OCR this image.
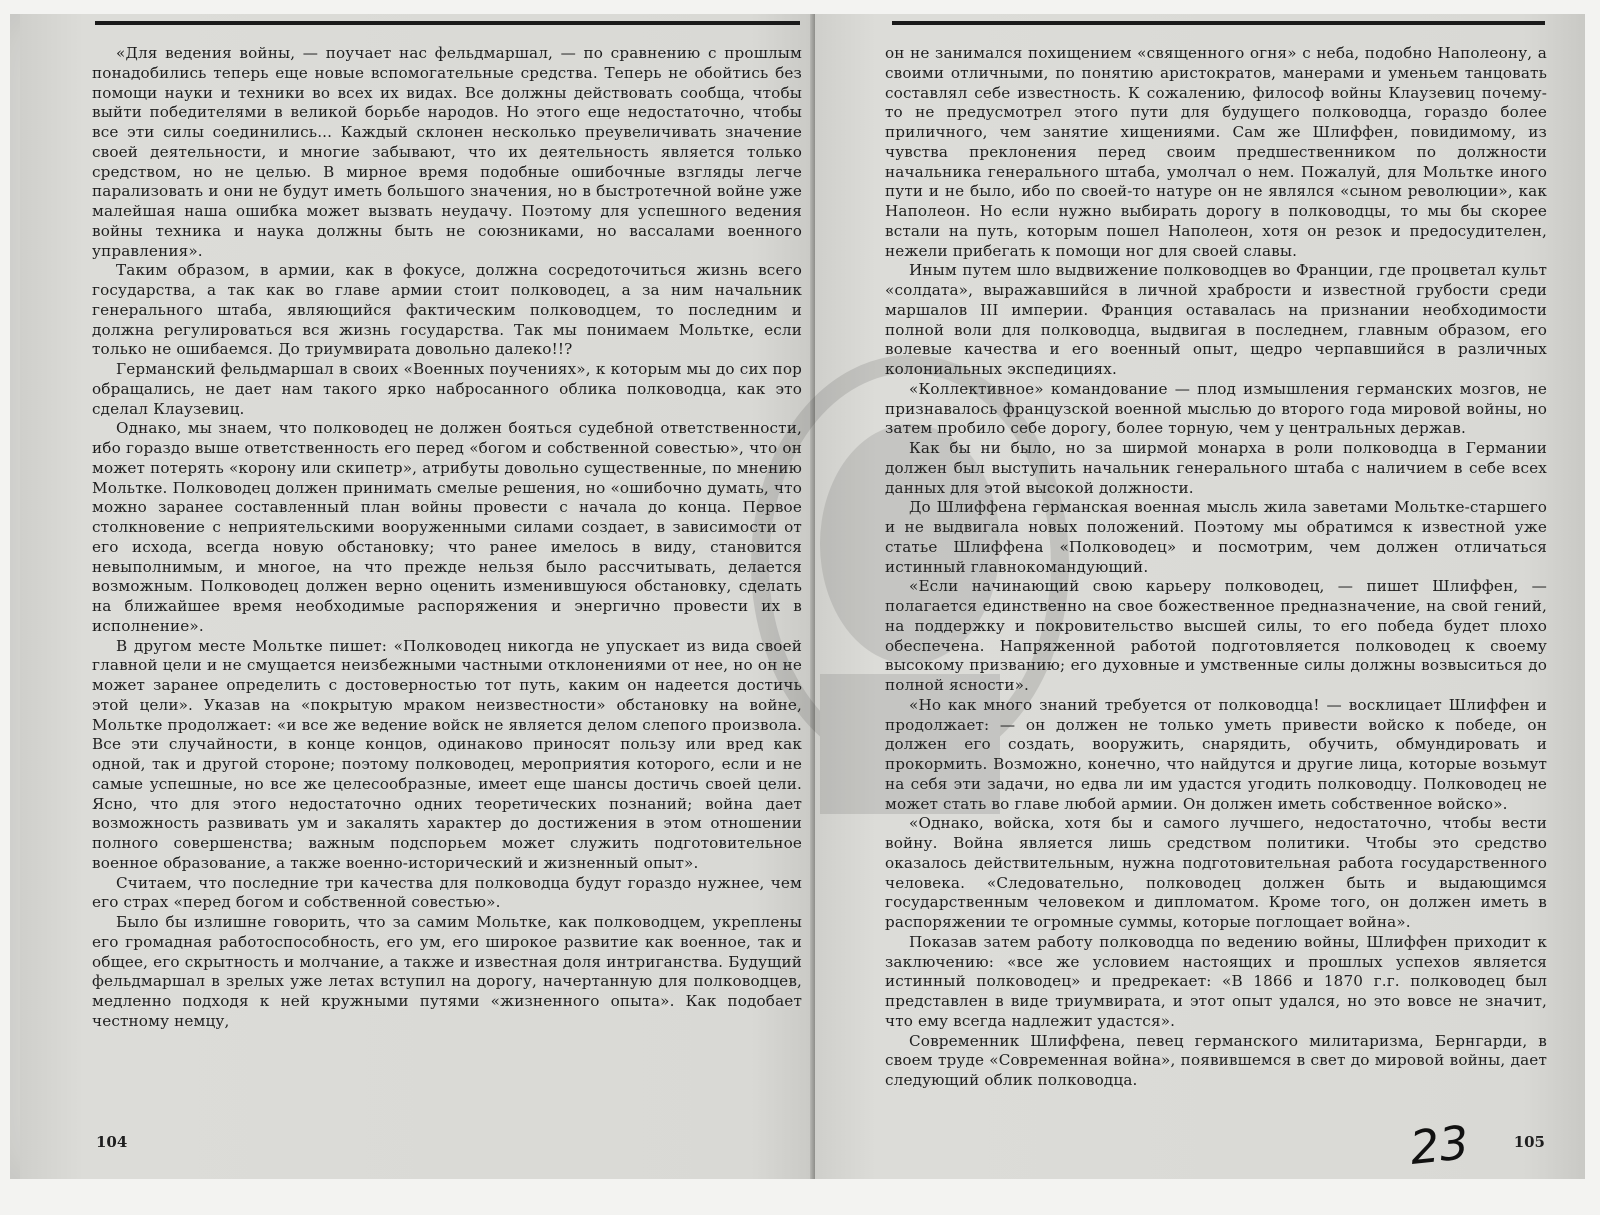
«Для ведения войны, — поучает нас фельдмаршал, — по сравнению с прошлым понадобились теперь еще новые вспомогательные средства. Теперь не обойтись без помощи науки и техники во всех их видах. Все должны действовать сообща, чтобы выйти победителями в великой борьбе народов. Но этого еще недостаточно, чтобы все эти силы соединились... Каждый склонен несколько преувеличивать значение своей деятельности, и многие забывают, что их деятельность является только средством, но не целью. В мирное время подобные ошибочные взгляды легче парализовать и они не будут иметь большого значения, но в быстротечной войне уже малейшая наша ошибка может вызвать неудачу. Поэтому для успешного ведения войны техника и наука должны быть не союзниками, но вассалами военного управления».

Таким образом, в армии, как в фокусе, должна сосредоточиться жизнь всего государства, а так как во главе армии стоит полководец, а за ним начальник генерального штаба, являющийся фактическим полководцем, то последним и должна регулироваться вся жизнь государства. Так мы понимаем Мольтке, если только не ошибаемся. До триумвирата довольно далеко!!?

Германский фельдмаршал в своих «Военных поучениях», к которым мы до сих пор обращались, не дает нам такого ярко набросанного облика полководца, как это сделал Клаузевиц.

Однако, мы знаем, что полководец не должен бояться судебной ответственности, ибо гораздо выше ответственность его перед «богом и собственной совестью», что он может потерять «корону или скипетр», атрибуты довольно существенные, по мнению Мольтке. Полководец должен принимать смелые решения, но «ошибочно думать, что можно заранее составленный план войны провести с начала до конца. Первое столкновение с неприятельскими вооруженными силами создает, в зависимости от его исхода, всегда новую обстановку; что ранее имелось в виду, становится невыполнимым, и многое, на что прежде нельзя было рассчитывать, делается возможным. Полководец должен верно оценить изменившуюся обстановку, сделать на ближайшее время необходимые распоряжения и энергично провести их в исполнение».

В другом месте Мольтке пишет: «Полководец никогда не упускает из вида своей главной цели и не смущается неизбежными частными отклонениями от нее, но он не может заранее определить с достоверностью тот путь, каким он надеется достичь этой цели». Указав на «покрытую мраком неизвестности» обстановку на войне, Мольтке продолжает: «и все же ведение войск не является делом слепого произвола. Все эти случайности, в конце концов, одинаково приносят пользу или вред как одной, так и другой стороне; поэтому полководец, мероприятия которого, если и не самые успешные, но все же целесообразные, имеет еще шансы достичь своей цели. Ясно, что для этого недостаточно одних теоретических познаний; война дает возможность развивать ум и закалять характер до достижения в этом отношении полного совершенства; важным подспорьем может служить подготовительное военное образование, а также военно-исторический и жизненный опыт».

Считаем, что последние три качества для полководца будут гораздо нужнее, чем его страх «перед богом и собственной совестью».

Было бы излишне говорить, что за самим Мольтке, как полководцем, укреплены его громадная работоспособность, его ум, его широкое развитие как военное, так и общее, его скрытность и молчание, а также и известная доля интриганства. Будущий фельдмаршал в зрелых уже летах вступил на дорогу, начертанную для полководцев, медленно подходя к ней кружными путями «жизненного опыта». Как подобает честному немцу,

104

он не занимался похищением «священного огня» с неба, подобно Наполеону, а своими отличными, по понятию аристократов, манерами и уменьем танцовать составлял себе известность. К сожалению, философ войны Клаузевиц почему-то не предусмотрел этого пути для будущего полководца, гораздо более приличного, чем занятие хищениями. Сам же Шлиффен, повидимому, из чувства преклонения перед своим предшественником по должности начальника генерального штаба, умолчал о нем. Пожалуй, для Мольтке иного пути и не было, ибо по своей-то натуре он не являлся «сыном революции», как Наполеон. Но если нужно выбирать дорогу в полководцы, то мы бы скорее встали на путь, которым пошел Наполеон, хотя он резок и предосудителен, нежели прибегать к помощи ног для своей славы.

Иным путем шло выдвижение полководцев во Франции, где процветал культ «солдата», выражавшийся в личной храбрости и известной грубости среди маршалов III империи. Франция оставалась на признании необходимости полной воли для полководца, выдвигая в последнем, главным образом, его волевые качества и его военный опыт, щедро черпавшийся в различных колониальных экспедициях.

«Коллективное» командование — плод измышления германских мозгов, не признавалось французской военной мыслью до второго года мировой войны, но затем пробило себе дорогу, более торную, чем у центральных держав.

Как бы ни было, но за ширмой монарха в роли полководца в Германии должен был выступить начальник генерального штаба с наличием в себе всех данных для этой высокой должности.

До Шлиффена германская военная мысль жила заветами Мольтке-старшего и не выдвигала новых положений. Поэтому мы обратимся к известной уже статье Шлиффена «Полководец» и посмотрим, чем должен отличаться истинный главнокомандующий.

«Если начинающий свою карьеру полководец, — пишет Шлиффен, — полагается единственно на свое божественное предназначение, на свой гений, на поддержку и покровительство высшей силы, то его победа будет плохо обеспечена. Напряженной работой подготовляется полководец к своему высокому призванию; его духовные и умственные силы должны возвыситься до полной ясности».

«Но как много знаний требуется от полководца! — восклицает Шлиффен и продолжает: — он должен не только уметь привести войско к победе, он должен его создать, вооружить, снарядить, обучить, обмундировать и прокормить. Возможно, конечно, что найдутся и другие лица, которые возьмут на себя эти задачи, но едва ли им удастся угодить полководцу. Полководец не может стать во главе любой армии. Он должен иметь собственное войско».

«Однако, войска, хотя бы и самого лучшего, недостаточно, чтобы вести войну. Война является лишь средством политики. Чтобы это средство оказалось действительным, нужна подготовительная работа государственного человека. «Следовательно, полководец должен быть и выдающимся государственным человеком и дипломатом. Кроме того, он должен иметь в распоряжении те огромные суммы, которые поглощает война».

Показав затем работу полководца по ведению войны, Шлиффен приходит к заключению: «все же условием настоящих и прошлых успехов является истинный полководец» и предрекает: «В 1866 и 1870 г.г. полководец был представлен в виде триумвирата, и этот опыт удался, но это вовсе не значит, что ему всегда надлежит удастся».

Современник Шлиффена, певец германского милитаризма, Бернгарди, в своем труде «Современная война», появившемся в свет до мировой войны, дает следующий облик полководца.

105
23
